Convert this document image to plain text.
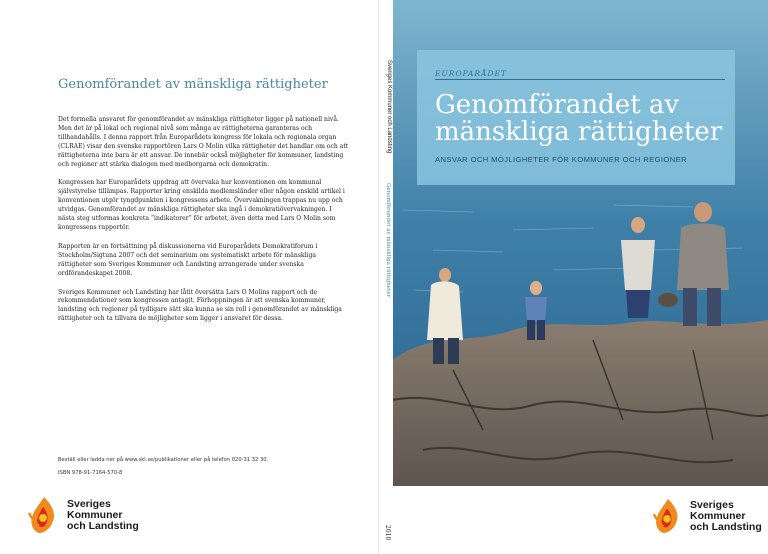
Genomförandet av mänskliga rättigheter

Det formella ansvaret för genomförandet av mänskliga rättigheter ligger på nationell nivå. Men det är på lokal och regional nivå som många av rättigheterna garanteras och tillhandahålls. I denna rapport från Europarådets kongress för lokala och regionala organ (CLRAE) visar den svenske rapportören Lars O Molin vilka rättigheter det handlar om och att rättigheterna inte bara är ett ansvar. De innebär också möjligheter för kommuner, landsting och regioner att stärka dialogen med medborgarna och demokratin.

Kongressen har Europarådets uppdrag att övervaka hur konventionen om kommunal självstyrelse tillämpas. Rapporter kring enskilda medlemsländer eller någon enskild artikel i konventionen utgör tyngdpunkten i kongressens arbete. Övervakningen trappas nu upp och utvidgas. Genomförandet av mänskliga rättigheter ska ingå i demokratiövervakningen. I nästa steg utformas konkreta “indikatorer” för arbetet, även detta med Lars O Molin som kongressens rapportör.

Rapporten är en fortsättning på diskussionerna vid Europarådets Demokratiforum i Stockholm/Sigtuna 2007 och det seminarium om systematiskt arbete för mänskliga rättigheter som Sveriges Kommuner och Landsting arrangerade under svenska ordförandeskapet 2008.

Sveriges Kommuner och Landsting har låtit översätta Lars O Molins rapport och de rekommendationer som kongressen antagit. Förhoppningen är att svenska kommuner, landsting och regioner på tydligare sätt ska kunna se sin roll i genomförandet av mänskliga rättigheter och ta tillvara de möjligheter som ligger i ansvaret för dessa.

Beställ eller ladda ner på www.skl.se/publikationer eller på telefon 020-31 32 30.
ISBN 978-91-7164-570-8
Sveriges
Kommuner
och Landsting
Sveriges Kommuner och Landsting
Genomförandet av mänskliga rättigheter
2010
EUROPARÅDET
Genomförandet av mänskliga rättigheter
ANSVAR OCH MÖJLIGHETER FÖR KOMMUNER OCH REGIONER
Sveriges
Kommuner
och Landsting
